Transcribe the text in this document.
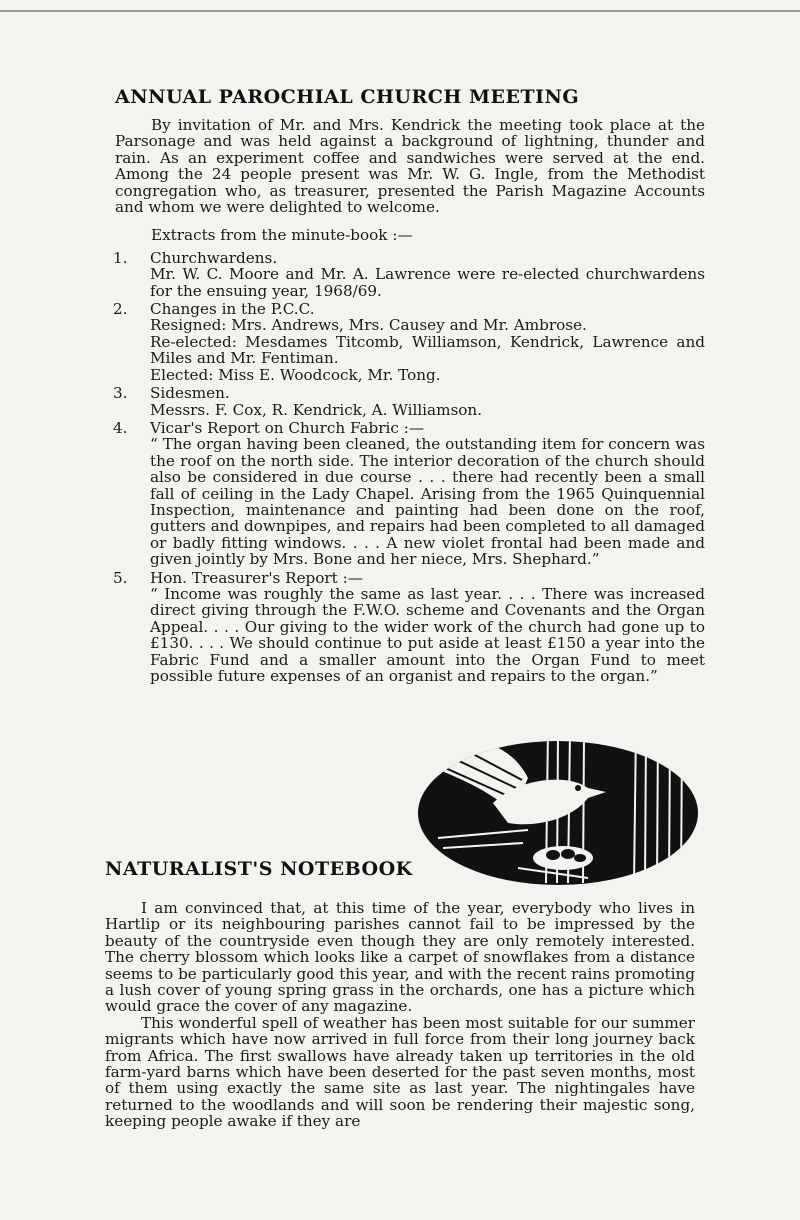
ANNUAL PAROCHIAL CHURCH MEETING

By invitation of Mr. and Mrs. Kendrick the meeting took place at the Parsonage and was held against a background of lightning, thunder and rain. As an experiment coffee and sandwiches were served at the end. Among the 24 people present was Mr. W. G. Ingle, from the Methodist congregation who, as treasurer, presented the Parish Magazine Accounts and whom we were delighted to welcome.

Extracts from the minute-book :—

1. Churchwardens.

Mr. W. C. Moore and Mr. A. Lawrence were re-elected churchwardens for the ensuing year, 1968/69.

2. Changes in the P.C.C.

Resigned: Mrs. Andrews, Mrs. Causey and Mr. Ambrose.

Re-elected: Mesdames Titcomb, Williamson, Kendrick, Lawrence and Miles and Mr. Fentiman.

Elected: Miss E. Woodcock, Mr. Tong.

3. Sidesmen.

Messrs. F. Cox, R. Kendrick, A. Williamson.

4. Vicar's Report on Church Fabric :—

“ The organ having been cleaned, the outstanding item for concern was the roof on the north side. The interior decoration of the church should also be considered in due course . . . there had recently been a small fall of ceiling in the Lady Chapel. Arising from the 1965 Quinquennial Inspection, maintenance and painting had been done on the roof, gutters and downpipes, and repairs had been completed to all damaged or badly fitting windows. . . . A new violet frontal had been made and given jointly by Mrs. Bone and her niece, Mrs. Shephard.”

5. Hon. Treasurer's Report :—

“ Income was roughly the same as last year. . . . There was increased direct giving through the F.W.O. scheme and Covenants and the Organ Appeal. . . . Our giving to the wider work of the church had gone up to £130. . . . We should continue to put aside at least £150 a year into the Fabric Fund and a smaller amount into the Organ Fund to meet possible future expenses of an organist and repairs to the organ.”

NATURALIST'S NOTEBOOK

I am convinced that, at this time of the year, everybody who lives in Hartlip or its neighbouring parishes cannot fail to be impressed by the beauty of the countryside even though they are only remotely interested. The cherry blossom which looks like a carpet of snowflakes from a distance seems to be particularly good this year, and with the recent rains promoting a lush cover of young spring grass in the orchards, one has a picture which would grace the cover of any magazine.

This wonderful spell of weather has been most suitable for our summer migrants which have now arrived in full force from their long journey back from Africa. The first swallows have already taken up territories in the old farm-yard barns which have been deserted for the past seven months, most of them using exactly the same site as last year. The nightingales have returned to the woodlands and will soon be rendering their majestic song, keeping people awake if they are
